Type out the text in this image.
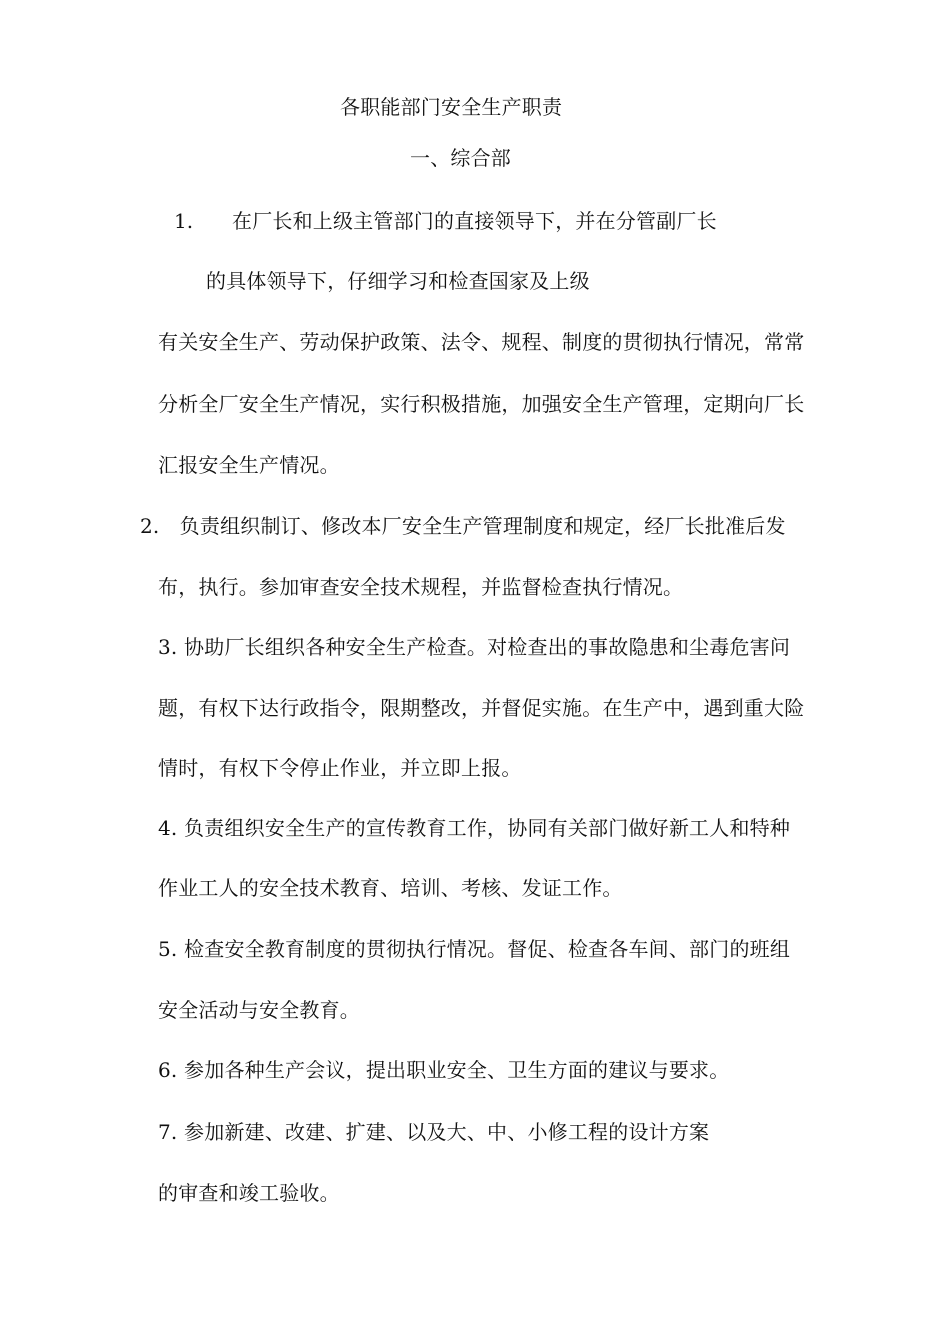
各职能部门安全生产职责
一、综合部
1. 在厂长和上级主管部门的直接领导下，并在分管副厂长
的具体领导下，仔细学习和检查国家及上级
有关安全生产、劳动保护政策、法令、规程、制度的贯彻执行情况，常常
分析全厂安全生产情况，实行积极措施，加强安全生产管理，定期向厂长
汇报安全生产情况。
2.　负责组织制订、修改本厂安全生产管理制度和规定，经厂长批准后发
布，执行。参加审查安全技术规程，并监督检查执行情况。
3. 协助厂长组织各种安全生产检查。对检查出的事故隐患和尘毒危害问
题，有权下达行政指令，限期整改，并督促实施。在生产中，遇到重大险
情时，有权下令停止作业，并立即上报。
4. 负责组织安全生产的宣传教育工作，协同有关部门做好新工人和特种
作业工人的安全技术教育、培训、考核、发证工作。
5. 检查安全教育制度的贯彻执行情况。督促、检查各车间、部门的班组
安全活动与安全教育。
6. 参加各种生产会议，提出职业安全、卫生方面的建议与要求。
7. 参加新建、改建、扩建、以及大、中、小修工程的设计方案
的审查和竣工验收。
